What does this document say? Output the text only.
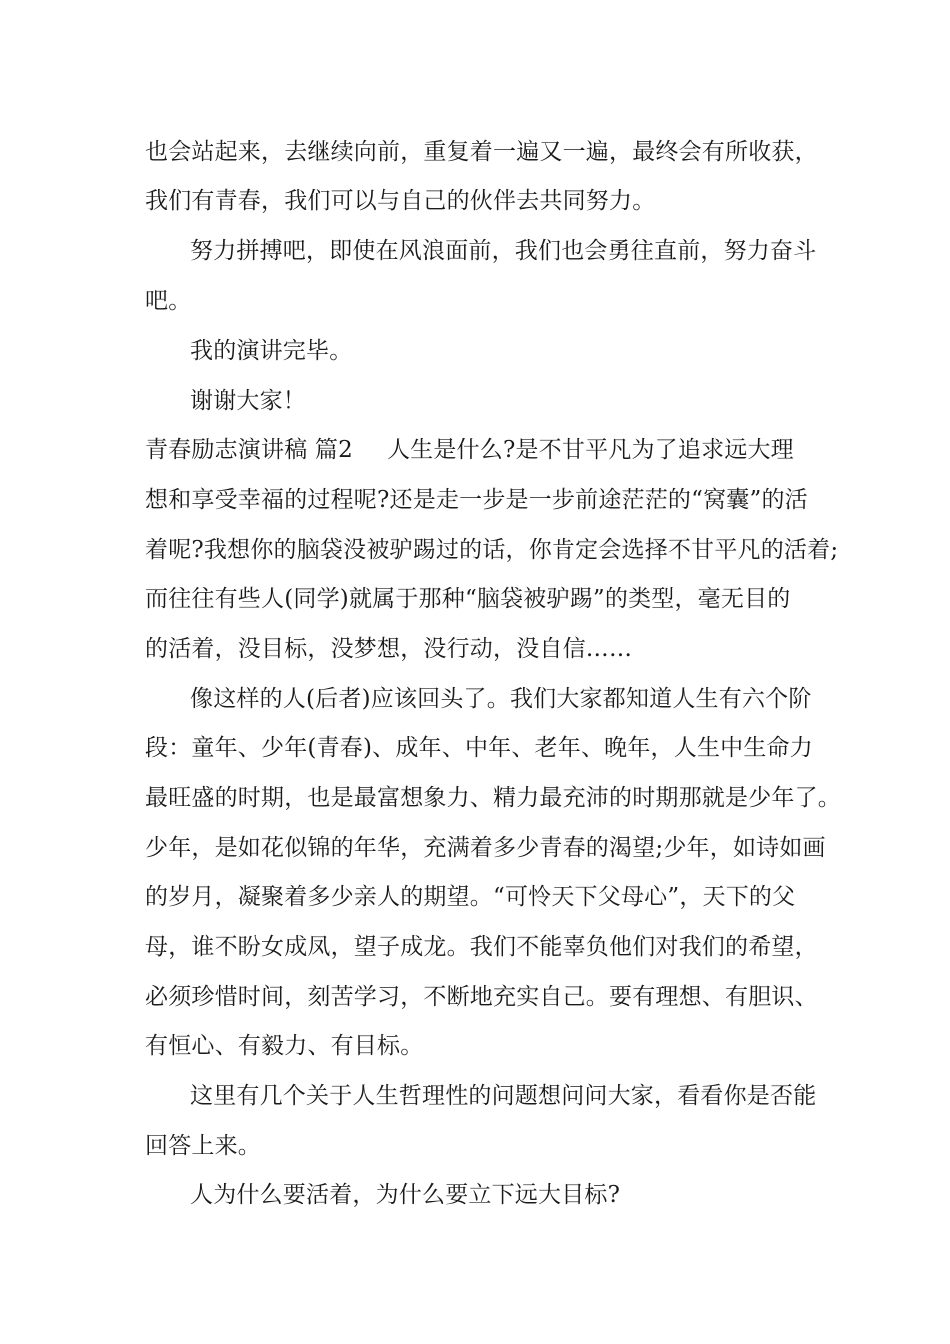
也会站起来，去继续向前，重复着一遍又一遍，最终会有所收获，
我们有青春，我们可以与自己的伙伴去共同努力。
努力拼搏吧，即使在风浪面前，我们也会勇往直前，努力奋斗
吧。
我的演讲完毕。
谢谢大家！
青春励志演讲稿 篇2 人生是什么?是不甘平凡为了追求远大理
想和享受幸福的过程呢?还是走一步是一步前途茫茫的“窝囊”的活
着呢?我想你的脑袋没被驴踢过的话，你肯定会选择不甘平凡的活着;
而往往有些人(同学)就属于那种“脑袋被驴踢”的类型，毫无目的
的活着，没目标，没梦想，没行动，没自信……
像这样的人(后者)应该回头了。我们大家都知道人生有六个阶
段：童年、少年(青春)、成年、中年、老年、晚年，人生中生命力
最旺盛的时期，也是最富想象力、精力最充沛的时期那就是少年了。
少年，是如花似锦的年华，充满着多少青春的渴望;少年，如诗如画
的岁月，凝聚着多少亲人的期望。“可怜天下父母心”，天下的父
母，谁不盼女成凤，望子成龙。我们不能辜负他们对我们的希望，
必须珍惜时间，刻苦学习，不断地充实自己。要有理想、有胆识、
有恒心、有毅力、有目标。
这里有几个关于人生哲理性的问题想问问大家，看看你是否能
回答上来。
人为什么要活着，为什么要立下远大目标?
